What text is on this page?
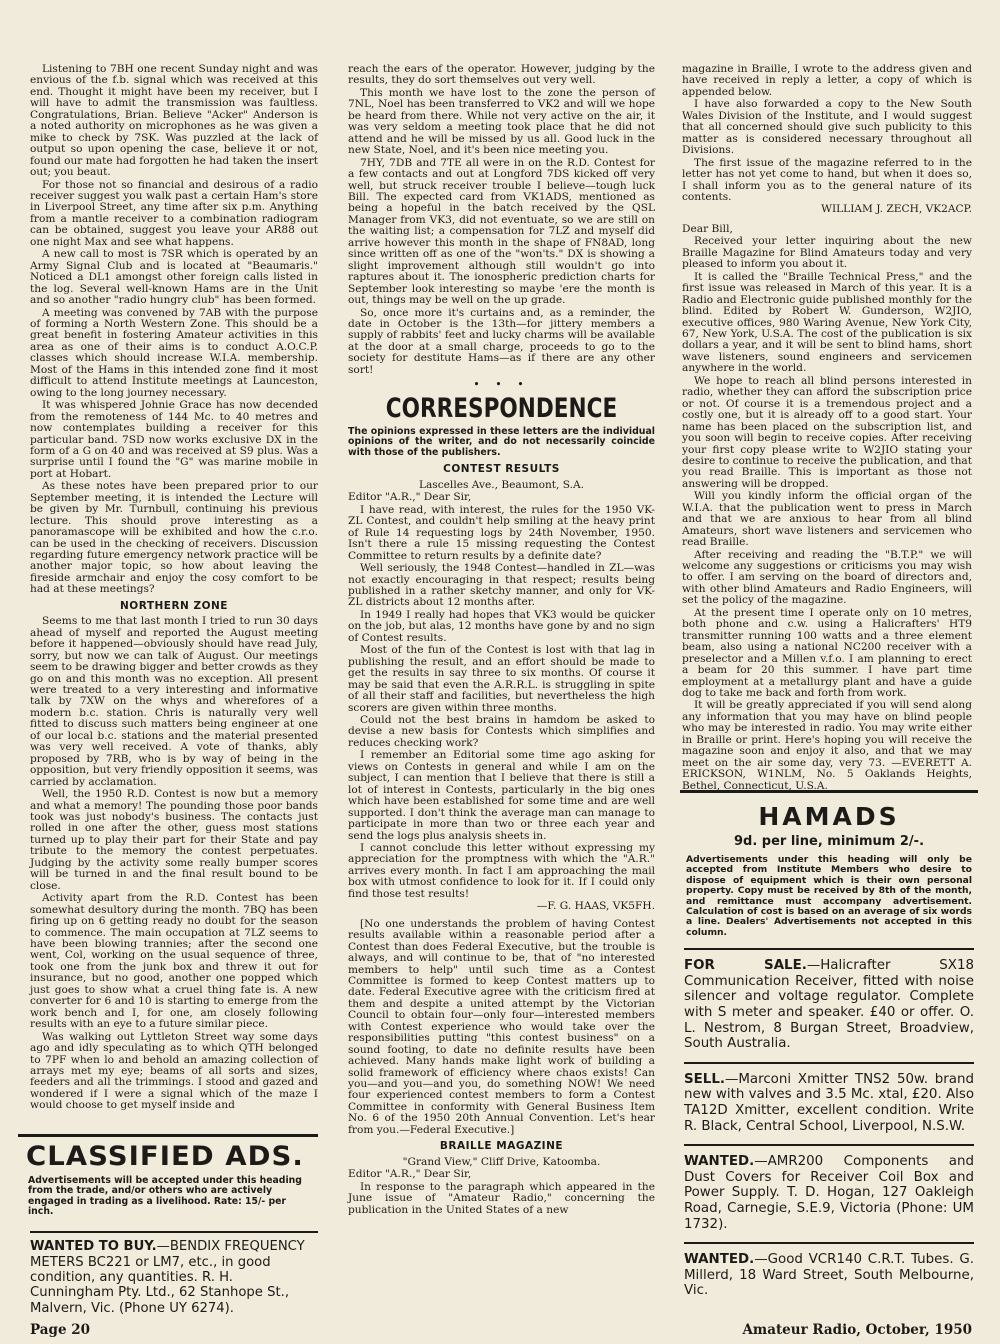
Listening to 7BH one recent Sunday night and was envious of the f.b. signal which was received at this end. Thought it might have been my receiver, but I will have to admit the transmission was faultless. Congratulations, Brian. Believe "Acker" Anderson is a noted authority on microphones as he was given a mike to check by 7SK. Was puzzled at the lack of output so upon opening the case, believe it or not, found our mate had forgotten he had taken the insert out; you beaut.

For those not so financial and desirous of a radio receiver suggest you walk past a certain Ham's store in Liverpool Street, any time after six p.m. Anything from a mantle receiver to a combination radiogram can be obtained, suggest you leave your AR88 out one night Max and see what happens.

A new call to most is 7SR which is operated by an Army Signal Club and is located at "Beaumaris." Noticed a DL1 amongst other foreign calls listed in the log. Several well-known Hams are in the Unit and so another "radio hungry club" has been formed.

A meeting was convened by 7AB with the purpose of forming a North Western Zone. This should be a great benefit in fostering Amateur activities in this area as one of their aims is to conduct A.O.C.P. classes which should increase W.I.A. membership. Most of the Hams in this intended zone find it most difficult to attend Institute meetings at Launceston, owing to the long journey necessary.

It was whispered Johnie Grace has now decended from the remoteness of 144 Mc. to 40 metres and now contemplates building a receiver for this particular band. 7SD now works exclusive DX in the form of a G on 40 and was received at S9 plus. Was a surprise until I found the "G" was marine mobile in port at Hobart.

As these notes have been prepared prior to our September meeting, it is intended the Lecture will be given by Mr. Turnbull, continuing his previous lecture. This should prove interesting as a panoramascope will be exhibited and how the c.r.o. can be used in the checking of receivers. Discussion regarding future emergency network practice will be another major topic, so how about leaving the fireside armchair and enjoy the cosy comfort to be had at these meetings?

NORTHERN ZONE

Seems to me that last month I tried to run 30 days ahead of myself and reported the August meeting before it happened—obviously should have read July, sorry, but now we can talk of August. Our meetings seem to be drawing bigger and better crowds as they go on and this month was no exception. All present were treated to a very interesting and informative talk by 7XW on the whys and wherefores of a modern b.c. station. Chris is naturally very well fitted to discuss such matters being engineer at one of our local b.c. stations and the material presented was very well received. A vote of thanks, ably proposed by 7RB, who is by way of being in the opposition, but very friendly opposition it seems, was carried by acclamation.

Well, the 1950 R.D. Contest is now but a memory and what a memory! The pounding those poor bands took was just nobody's business. The contacts just rolled in one after the other, guess most stations turned up to play their part for their State and pay tribute to the memory the contest perpetuates. Judging by the activity some really bumper scores will be turned in and the final result bound to be close.

Activity apart from the R.D. Contest has been somewhat desultory during the month. 7BQ has been firing up on 6 getting ready no doubt for the season to commence. The main occupation at 7LZ seems to have been blowing trannies; after the second one went, Col, working on the usual sequence of three, took one from the junk box and threw it out for insurance, but no good, another one popped which just goes to show what a cruel thing fate is. A new converter for 6 and 10 is starting to emerge from the work bench and I, for one, am closely following results with an eye to a future similar piece.

Was walking out Lyttleton Street way some days ago and idly speculating as to which QTH belonged to 7PF when lo and behold an amazing collection of arrays met my eye; beams of all sorts and sizes, feeders and all the trimmings. I stood and gazed and wondered if I were a signal which of the maze I would choose to get myself inside and

reach the ears of the operator. However, judging by the results, they do sort themselves out very well.

This month we have lost to the zone the person of 7NL, Noel has been transferred to VK2 and will we hope be heard from there. While not very active on the air, it was very seldom a meeting took place that he did not attend and he will be missed by us all. Good luck in the new State, Noel, and it's been nice meeting you.

7HY, 7DB and 7TE all were in on the R.D. Contest for a few contacts and out at Longford 7DS kicked off very well, but struck receiver trouble I believe—tough luck Bill. The expected card from VK1ADS, mentioned as being a hopeful in the batch received by the QSL Manager from VK3, did not eventuate, so we are still on the waiting list; a compensation for 7LZ and myself did arrive however this month in the shape of FN8AD, long since written off as one of the "won'ts." DX is showing a slight improvement although still wouldn't go into raptures about it. The ionospheric prediction charts for September look interesting so maybe 'ere the month is out, things may be well on the up grade.

So, once more it's curtains and, as a reminder, the date in October is the 13th—for jittery members a supply of rabbits' feet and lucky charms will be available at the door at a small charge, proceeds to go to the society for destitute Hams—as if there are any other sort!

• • •
CORRESPONDENCE
The opinions expressed in these letters are the individual opinions of the writer, and do not necessarily coincide with those of the publishers.
CONTEST RESULTS

Lascelles Ave., Beaumont, S.A.

Editor "A.R.," Dear Sir,

I have read, with interest, the rules for the 1950 VK-ZL Contest, and couldn't help smiling at the heavy print of Rule 14 requesting logs by 24th November, 1950. Isn't there a rule 15 missing requesting the Contest Committee to return results by a definite date?

Well seriously, the 1948 Contest—handled in ZL—was not exactly encouraging in that respect; results being published in a rather sketchy manner, and only for VK-ZL districts about 12 months after.

In 1949 I really had hopes that VK3 would be quicker on the job, but alas, 12 months have gone by and no sign of Contest results.

Most of the fun of the Contest is lost with that lag in publishing the result, and an effort should be made to get the results in say three to six months. Of course it may be said that even the A.R.R.L. is struggling in spite of all their staff and facilities, but nevertheless the high scorers are given within three months.

Could not the best brains in hamdom be asked to devise a new basis for Contests which simplifies and reduces checking work?

I remember an Editorial some time ago asking for views on Contests in general and while I am on the subject, I can mention that I believe that there is still a lot of interest in Contests, particularly in the big ones which have been established for some time and are well supported. I don't think the average man can manage to participate in more than two or three each year and send the logs plus analysis sheets in.

I cannot conclude this letter without expressing my appreciation for the promptness with which the "A.R." arrives every month. In fact I am approaching the mail box with utmost confidence to look for it. If I could only find those test results!

—F. G. HAAS, VK5FH.

[No one understands the problem of having Contest results available within a reasonable period after a Contest than does Federal Executive, but the trouble is always, and will continue to be, that of "no interested members to help" until such time as a Contest Committee is formed to keep Contest matters up to date. Federal Executive agree with the criticism fired at them and despite a united attempt by the Victorian Council to obtain four—only four—interested members with Contest experience who would take over the responsibilities putting "this contest business" on a sound footing, to date no definite results have been achieved. Many hands make light work of building a solid framework of efficiency where chaos exists! Can you—and you—and you, do something NOW! We need four experienced contest members to form a Contest Committee in conformity with General Business Item No. 6 of the 1950 20th Annual Convention. Let's hear from you.—Federal Executive.]

BRAILLE MAGAZINE

"Grand View," Cliff Drive, Katoomba.

Editor "A.R.," Dear Sir,

In response to the paragraph which appeared in the June issue of "Amateur Radio," concerning the publication in the United States of a new

magazine in Braille, I wrote to the address given and have received in reply a letter, a copy of which is appended below.

I have also forwarded a copy to the New South Wales Division of the Institute, and I would suggest that all concerned should give such publicity to this matter as is considered necessary throughout all Divisions.

The first issue of the magazine referred to in the letter has not yet come to hand, but when it does so, I shall inform you as to the general nature of its contents.

WILLIAM J. ZECH, VK2ACP.

Dear Bill,

Received your letter inquiring about the new Braille Magazine for Blind Amateurs today and very pleased to inform you about it.

It is called the "Braille Technical Press," and the first issue was released in March of this year. It is a Radio and Electronic guide published monthly for the blind. Edited by Robert W. Gunderson, W2JIO, executive offices, 980 Waring Avenue, New York City, 67, New York, U.S.A. The cost of the publication is six dollars a year, and it will be sent to blind hams, short wave listeners, sound engineers and servicemen anywhere in the world.

We hope to reach all blind persons interested in radio, whether they can afford the subscription price or not. Of course it is a tremendous project and a costly one, but it is already off to a good start. Your name has been placed on the subscription list, and you soon will begin to receive copies. After receiving your first copy please write to W2JIO stating your desire to continue to receive the publication, and that you read Braille. This is important as those not answering will be dropped.

Will you kindly inform the official organ of the W.I.A. that the publication went to press in March and that we are anxious to hear from all blind Amateurs, short wave listeners and servicemen who read Braille.

After receiving and reading the "B.T.P." we will welcome any suggestions or criticisms you may wish to offer. I am serving on the board of directors and, with other blind Amateurs and Radio Engineers, will set the policy of the magazine.

At the present time I operate only on 10 metres, both phone and c.w. using a Halicrafters' HT9 transmitter running 100 watts and a three element beam, also using a national NC200 receiver with a preselector and a Millen v.f.o. I am planning to erect a beam for 20 this summer. I have part time employment at a metallurgy plant and have a guide dog to take me back and forth from work.

It will be greatly appreciated if you will send along any information that you may have on blind people who may be interested in radio. You may write either in Braille or print. Here's hoping you will receive the magazine soon and enjoy it also, and that we may meet on the air some day, very 73. —EVERETT A. ERICKSON, W1NLM, No. 5 Oaklands Heights, Bethel, Connecticut, U.S.A.

CLASSIFIED ADS.
Advertisements will be accepted under this heading from the trade, and/or others who are actively engaged in trading as a livelihood. Rate: 15/- per inch.
WANTED TO BUY.—BENDIX FREQUENCY METERS BC221 or LM7, etc., in good condition, any quantities. R. H. Cunningham Pty. Ltd., 62 Stanhope St., Malvern, Vic. (Phone UY 6274).
HAMADS
9d. per line, minimum 2/-.
Advertisements under this heading will only be accepted from Institute Members who desire to dispose of equipment which is their own personal property. Copy must be received by 8th of the month, and remittance must accompany advertisement. Calculation of cost is based on an average of six words a line. Dealers' Advertisements not accepted in this column.
FOR SALE.—Halicrafter SX18 Communication Receiver, fitted with noise silencer and voltage regulator. Complete with S meter and speaker. £40 or offer. O. L. Nestrom, 8 Burgan Street, Broadview, South Australia.
SELL.—Marconi Xmitter TNS2 50w. brand new with valves and 3.5 Mc. xtal, £20. Also TA12D Xmitter, excellent condition. Write R. Black, Central School, Liverpool, N.S.W.
WANTED.—AMR200 Components and Dust Covers for Receiver Coil Box and Power Supply. T. D. Hogan, 127 Oakleigh Road, Carnegie, S.E.9, Victoria (Phone: UM 1732).
WANTED.—Good VCR140 C.R.T. Tubes. G. Millerd, 18 Ward Street, South Melbourne, Vic.
Page 20	Amateur Radio, October, 1950
